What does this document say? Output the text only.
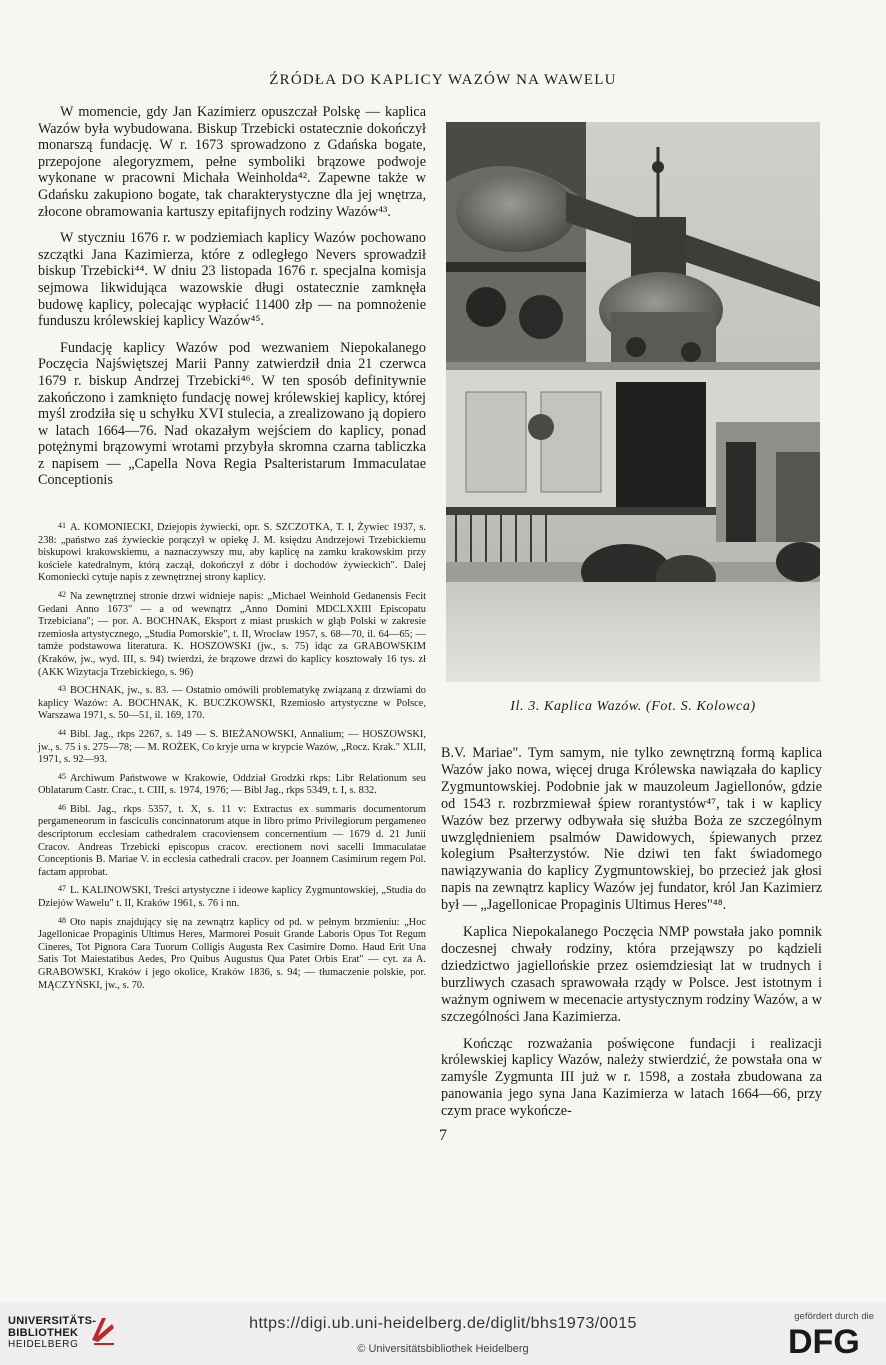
ŹRÓDŁA DO KAPLICY WAZÓW NA WAWELU

W momencie, gdy Jan Kazimierz opuszczał Polskę — kaplica Wazów była wybudowana. Biskup Trzebicki ostatecznie dokończył monarszą fundację. W r. 1673 sprowadzono z Gdańska bogate, przepojone alegoryzmem, pełne symboliki brązowe podwoje wykonane w pracowni Michała Weinholda⁴². Zapewne także w Gdańsku zakupiono bogate, tak charakterystyczne dla jej wnętrza, złocone obramowania kartuszy epitafijnych rodziny Wazów⁴³.

W styczniu 1676 r. w podziemiach kaplicy Wazów pochowano szczątki Jana Kazimierza, które z odległego Nevers sprowadził biskup Trzebicki⁴⁴. W dniu 23 listopada 1676 r. specjalna komisja sejmowa likwidująca wazowskie długi ostatecznie zamknęła budowę kaplicy, polecając wypłacić 11400 złp — na pomnożenie funduszu królewskiej kaplicy Wazów⁴⁵.

Fundację kaplicy Wazów pod wezwaniem Niepokalanego Poczęcia Najświętszej Marii Panny zatwierdził dnia 21 czerwca 1679 r. biskup Andrzej Trzebicki⁴⁶. W ten sposób definitywnie zakończono i zamknięto fundację nowej królewskiej kaplicy, której myśl zrodziła się u schyłku XVI stulecia, a zrealizowano ją dopiero w latach 1664—76. Nad okazałym wejściem do kaplicy, ponad potężnymi brązowymi wrotami przybyła skromna czarna tabliczka z napisem — „Capella Nova Regia Psalteristarum Immaculatae Conceptionis

41 A. KOMONIECKI, Dziejopis żywiecki, opr. S. SZCZOTKA, T. I, Żywiec 1937, s. 238: „państwo zaś żywieckie porączył w opiekę J. M. księdzu Andrzejowi Trzebickiemu biskupowi krakowskiemu, a naznaczywszy mu, aby kaplicę na zamku krakowskim przy kościele katedralnym, którą zaczął, dokończył z dóbr i dochodów żywieckich". Dalej Komoniecki cytuje napis z zewnętrznej strony kaplicy.

42 Na zewnętrznej stronie drzwi widnieje napis: „Michael Weinhold Gedanensis Fecit Gedani Anno 1673" — a od wewnątrz „Anno Domini MDCLXXIII Episcopatu Trzebiciana"; — por. A. BOCHNAK, Eksport z miast pruskich w głąb Polski w zakresie rzemiosła artystycznego, „Studia Pomorskie", t. II, Wrocław 1957, s. 68—70, il. 64—65; — tamże podstawowa literatura. K. HOSZOWSKI (jw., s. 75) idąc za GRABOWSKIM (Kraków, jw., wyd. III, s. 94) twierdzi, że brązowe drzwi do kaplicy kosztowały 16 tys. zł (AKK Wizytacja Trzebickiego, s. 96)

43 BOCHNAK, jw., s. 83. — Ostatnio omówili problematykę związaną z drzwiami do kaplicy Wazów: A. BOCHNAK, K. BUCZKOWSKI, Rzemiosło artystyczne w Polsce, Warszawa 1971, s. 50—51, il. 169, 170.

44 Bibl. Jag., rkps 2267, s. 149 — S. BIEŻANOWSKI, Annalium; — HOSZOWSKI, jw., s. 75 i s. 275—78; — M. ROŻEK, Co kryje urna w krypcie Wazów, „Rocz. Krak." XLII, 1971, s. 92—93.

45 Archiwum Państwowe w Krakowie, Oddział Grodzki rkps: Libr Relationum seu Oblatarum Castr. Crac., t. CIII, s. 1974, 1976; — Bibl Jag., rkps 5349, t. I, s. 832.

46 Bibl. Jag., rkps 5357, t. X, s. 11 v: Extractus ex summaris documentorum pergameneorum in fasciculis concinnatorum atque in libro primo Privilegiorum pergameneo descriptorum ecclesiam cathedralem cracoviensem concernentium — 1679 d. 21 Junii Cracov. Andreas Trzebicki episcopus cracov. erectionem novi sacelli Immaculatae Conceptionis B. Mariae V. in ecclesia cathedrali cracov. per Joannem Casimirum regem Pol. factam approbat.

47 L. KALINOWSKI, Treści artystyczne i ideowe kaplicy Zygmuntowskiej, „Studia do Dziejów Wawelu" t. II, Kraków 1961, s. 76 i nn.

48 Oto napis znajdujący się na zewnątrz kaplicy od pd. w pełnym brzmieniu: „Hoc Jagellonicae Propaginis Ultimus Heres, Marmorei Posuit Grande Laboris Opus Tot Regum Cineres, Tot Pignora Cara Tuorum Colligis Augusta Rex Casimire Domo. Haud Erit Una Satis Tot Maiestatibus Aedes, Pro Quibus Augustus Qua Patet Orbis Erat" — cyt. za A. GRABOWSKI, Kraków i jego okolice, Kraków 1836, s. 94; — tłumaczenie polskie, por. MĄCZYŃSKI, jw., s. 70.

Il. 3. Kaplica Wazów. (Fot. S. Kolowca)

B.V. Mariae". Tym samym, nie tylko zewnętrzną formą kaplica Wazów jako nowa, więcej druga Królewska nawiązała do kaplicy Zygmuntowskiej. Podobnie jak w mauzoleum Jagiellonów, gdzie od 1543 r. rozbrzmiewał śpiew rorantystów⁴⁷, tak i w kaplicy Wazów bez przerwy odbywała się służba Boża ze szczególnym uwzględnieniem psalmów Dawidowych, śpiewanych przez kolegium Psałterzystów. Nie dziwi ten fakt świadomego nawiązywania do kaplicy Zygmuntowskiej, bo przecież jak głosi napis na zewnątrz kaplicy Wazów jej fundator, król Jan Kazimierz był — „Jagellonicae Propaginis Ultimus Heres"⁴⁸.

Kaplica Niepokalanego Poczęcia NMP powstała jako pomnik doczesnej chwały rodziny, która przejąwszy po kądzieli dziedzictwo jagiellońskie przez osiemdziesiąt lat w trudnych i burzliwych czasach sprawowała rządy w Polsce. Jest istotnym i ważnym ogniwem w mecenacie artystycznym rodziny Wazów, a w szczególności Jana Kazimierza.

Kończąc rozważania poświęcone fundacji i realizacji królewskiej kaplicy Wazów, należy stwierdzić, że powstała ona w zamyśle Zygmunta III już w r. 1598, a została zbudowana za panowania jego syna Jana Kazimierza w latach 1664—66, przy czym prace wykończe-

7
UNIVERSITÄTS-
BIBLIOTHEK
HEIDELBERG
https://digi.ub.uni-heidelberg.de/diglit/bhs1973/0015
© Universitätsbibliothek Heidelberg
gefördert durch die
DFG
